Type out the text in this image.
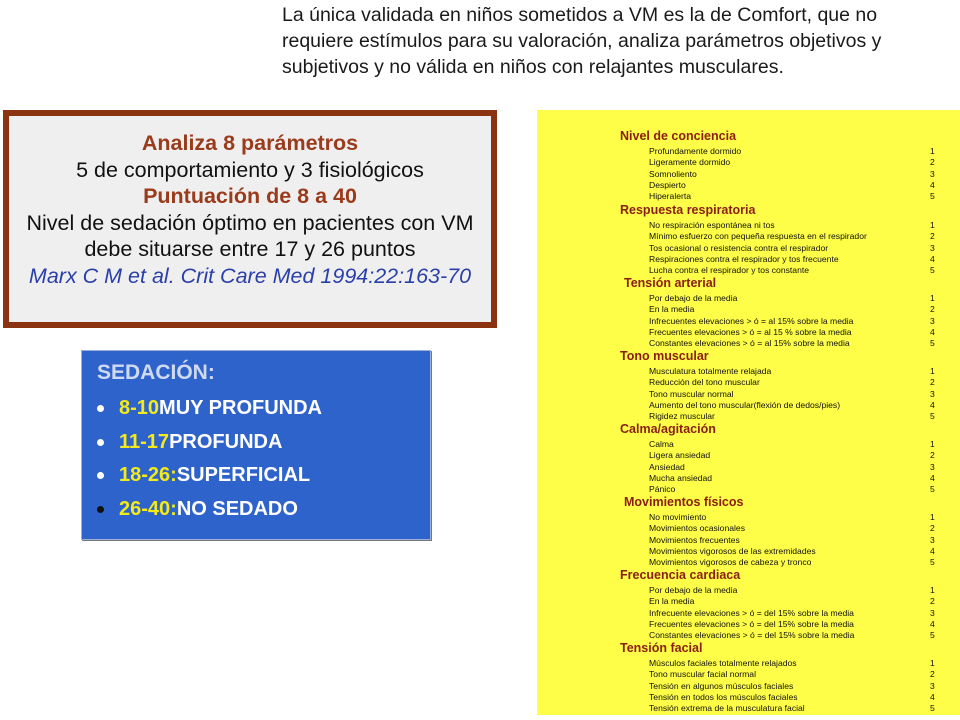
La única validada en niños sometidos a VM es la de Comfort, que no requiere estímulos para su valoración, analiza parámetros objetivos y subjetivos y no válida en niños con relajantes musculares.

Analiza 8 parámetros
5 de comportamiento y 3 fisiológicos
Puntuación de 8 a 40
Nivel de sedación óptimo en pacientes con VM
debe situarse entre 17 y 26 puntos
Marx C M et al. Crit Care Med 1994:22:163-70
SEDACIÓN:
8-10 MUY PROFUNDA
11-17 PROFUNDA
18-26: SUPERFICIAL
26-40: NO SEDADO
Nivel de conciencia
Profundamente dormido	1
Ligeramente dormido	2
Somnoliento	3
Despierto	4
Hiperalerta	5
Respuesta respiratoria
No respiración espontánea ni tos	1
Mínimo esfuerzo con pequeña respuesta en el respirador	2
Tos ocasional o resistencia contra el respirador	3
Respiraciones contra el respirador y tos frecuente	4
Lucha contra el respirador y tos constante	5
Tensión arterial
Por debajo de la media	1
En la media	2
Infrecuentes elevaciones > ó = al 15% sobre la media	3
Frecuentes elevaciones > ó = al 15 % sobre la media	4
Constantes elevaciones > ó = al 15% sobre la media	5
Tono muscular
Musculatura totalmente relajada	1
Reducción del tono muscular	2
Tono muscular normal	3
Aumento del tono muscular(flexión de dedos/pies)	4
Rigidez muscular	5
Calma/agitación
Calma	1
Ligera ansiedad	2
Ansiedad	3
Mucha ansiedad	4
Pánico	5
Movimientos físicos
No movimiento	1
Movimientos ocasionales	2
Movimientos frecuentes	3
Movimientos vigorosos de las extremidades	4
Movimientos vigorosos de cabeza y tronco	5
Frecuencia cardiaca
Por debajo de la media	1
En la media	2
Infrecuente elevaciones > ó = del 15% sobre la media	3
Frecuentes elevaciones > ó = del 15% sobre la media	4
Constantes elevaciones > ó = del 15% sobre la media	5
Tensión facial
Músculos faciales totalmente relajados	1
Tono muscular facial normal	2
Tensión en algunos músculos faciales	3
Tensión en todos los músculos faciales	4
Tensión extrema de la musculatura facial	5
